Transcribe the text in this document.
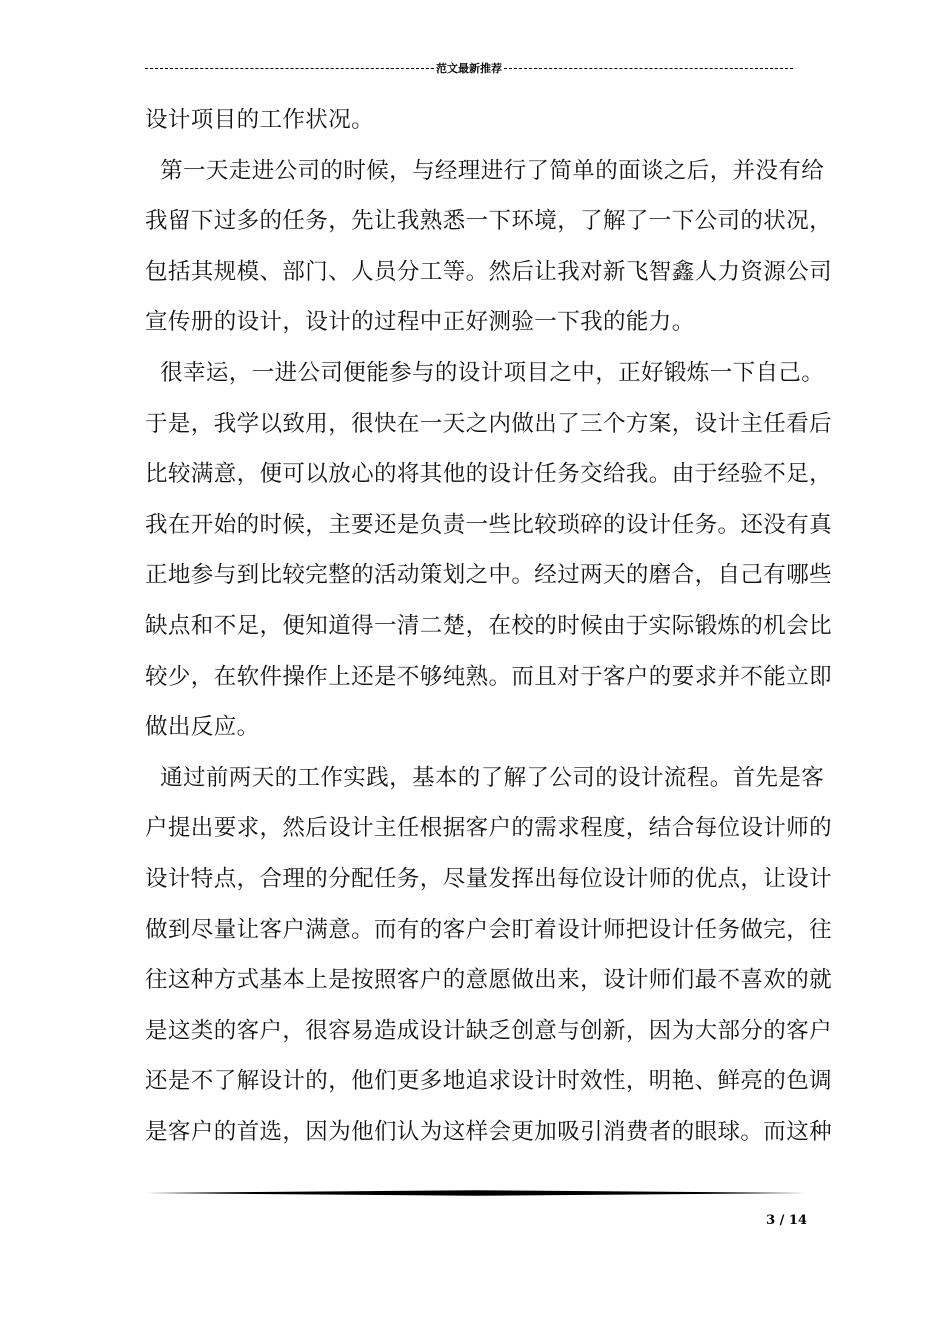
范文最新推荐
设计项目的工作状况。
第一天走进公司的时候，与经理进行了简单的面谈之后，并没有给
我留下过多的任务，先让我熟悉一下环境，了解了一下公司的状况，
包括其规模、部门、人员分工等。然后让我对新飞智鑫人力资源公司
宣传册的设计，设计的过程中正好测验一下我的能力。
很幸运，一进公司便能参与的设计项目之中，正好锻炼一下自己。
于是，我学以致用，很快在一天之内做出了三个方案，设计主任看后
比较满意，便可以放心的将其他的设计任务交给我。由于经验不足，
我在开始的时候，主要还是负责一些比较琐碎的设计任务。还没有真
正地参与到比较完整的活动策划之中。经过两天的磨合，自己有哪些
缺点和不足，便知道得一清二楚，在校的时候由于实际锻炼的机会比
较少，在软件操作上还是不够纯熟。而且对于客户的要求并不能立即
做出反应。
通过前两天的工作实践，基本的了解了公司的设计流程。首先是客
户提出要求，然后设计主任根据客户的需求程度，结合每位设计师的
设计特点，合理的分配任务，尽量发挥出每位设计师的优点，让设计
做到尽量让客户满意。而有的客户会盯着设计师把设计任务做完，往
往这种方式基本上是按照客户的意愿做出来，设计师们最不喜欢的就
是这类的客户，很容易造成设计缺乏创意与创新，因为大部分的客户
还是不了解设计的，他们更多地追求设计时效性，明艳、鲜亮的色调
是客户的首选，因为他们认为这样会更加吸引消费者的眼球。而这种
3 / 14
